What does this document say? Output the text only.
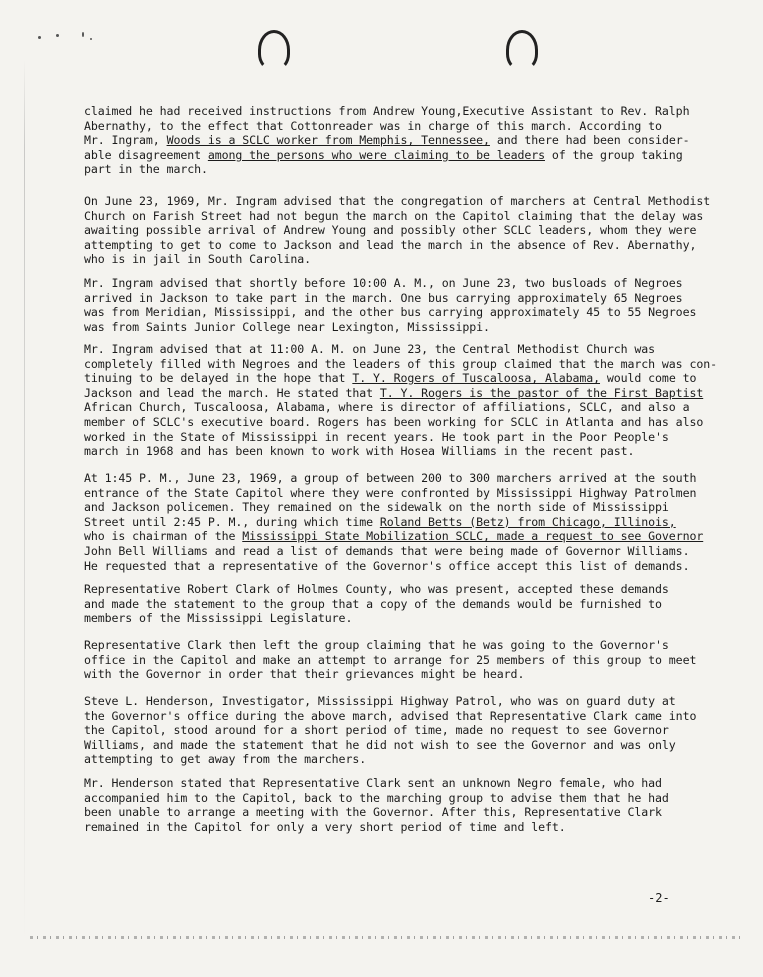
claimed he had received instructions from Andrew Young,Executive Assistant to Rev. Ralph
Abernathy, to the effect that Cottonreader was in charge of this march. According to
Mr. Ingram, Woods is a SCLC worker from Memphis, Tennessee, and there had been consider-
able disagreement among the persons who were claiming to be leaders of the group taking
part in the march.

On June 23, 1969, Mr. Ingram advised that the congregation of marchers at Central Methodist
Church on Farish Street had not begun the march on the Capitol claiming that the delay was
awaiting possible arrival of Andrew Young and possibly other SCLC leaders, whom they were
attempting to get to come to Jackson and lead the march in the absence of Rev. Abernathy,
who is in jail in South Carolina.

Mr. Ingram advised that shortly before 10:00 A. M., on June 23, two busloads of Negroes
arrived in Jackson to take part in the march. One bus carrying approximately 65 Negroes
was from Meridian, Mississippi, and the other bus carrying approximately 45 to 55 Negroes
was from Saints Junior College near Lexington, Mississippi.

Mr. Ingram advised that at 11:00 A. M. on June 23, the Central Methodist Church was
completely filled with Negroes and the leaders of this group claimed that the march was con-
tinuing to be delayed in the hope that T. Y. Rogers of Tuscaloosa, Alabama, would come to
Jackson and lead the march. He stated that T. Y. Rogers is the pastor of the First Baptist
African Church, Tuscaloosa, Alabama, where is director of affiliations, SCLC, and also a
member of SCLC's executive board. Rogers has been working for SCLC in Atlanta and has also
worked in the State of Mississippi in recent years. He took part in the Poor People's
march in 1968 and has been known to work with Hosea Williams in the recent past.

At 1:45 P. M., June 23, 1969, a group of between 200 to 300 marchers arrived at the south
entrance of the State Capitol where they were confronted by Mississippi Highway Patrolmen
and Jackson policemen. They remained on the sidewalk on the north side of Mississippi
Street until 2:45 P. M., during which time Roland Betts (Betz) from Chicago, Illinois,
who is chairman of the Mississippi State Mobilization SCLC, made a request to see Governor
John Bell Williams and read a list of demands that were being made of Governor Williams.
He requested that a representative of the Governor's office accept this list of demands.

Representative Robert Clark of Holmes County, who was present, accepted these demands
and made the statement to the group that a copy of the demands would be furnished to
members of the Mississippi Legislature.

Representative Clark then left the group claiming that he was going to the Governor's
office in the Capitol and make an attempt to arrange for 25 members of this group to meet
with the Governor in order that their grievances might be heard.

Steve L. Henderson, Investigator, Mississippi Highway Patrol, who was on guard duty at
the Governor's office during the above march, advised that Representative Clark came into
the Capitol, stood around for a short period of time, made no request to see Governor
Williams, and made the statement that he did not wish to see the Governor and was only
attempting to get away from the marchers.

Mr. Henderson stated that Representative Clark sent an unknown Negro female, who had
accompanied him to the Capitol, back to the marching group to advise them that he had
been unable to arrange a meeting with the Governor. After this, Representative Clark
remained in the Capitol for only a very short period of time and left.

-2-
